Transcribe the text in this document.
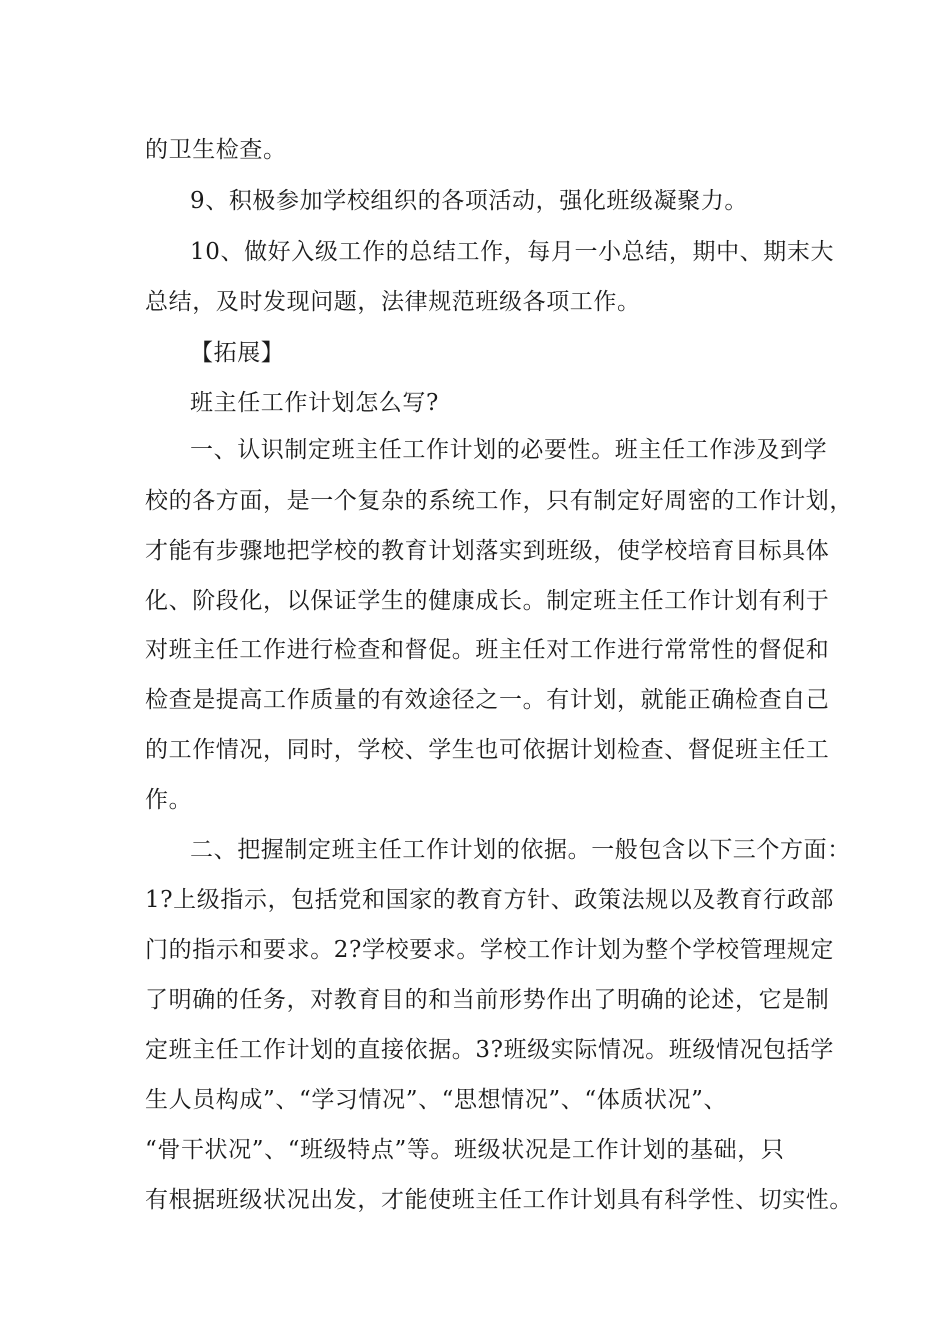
的卫生检查。
9、积极参加学校组织的各项活动，强化班级凝聚力。
10、做好入级工作的总结工作，每月一小总结，期中、期末大
总结，及时发现问题，法律规范班级各项工作。
【拓展】
班主任工作计划怎么写?
一、认识制定班主任工作计划的必要性。班主任工作涉及到学
校的各方面，是一个复杂的系统工作，只有制定好周密的工作计划，
才能有步骤地把学校的教育计划落实到班级，使学校培育目标具体
化、阶段化，以保证学生的健康成长。制定班主任工作计划有利于
对班主任工作进行检查和督促。班主任对工作进行常常性的督促和
检查是提高工作质量的有效途径之一。有计划，就能正确检查自己
的工作情况，同时，学校、学生也可依据计划检查、督促班主任工
作。
二、把握制定班主任工作计划的依据。一般包含以下三个方面：
1?上级指示，包括党和国家的教育方针、政策法规以及教育行政部
门的指示和要求。2?学校要求。学校工作计划为整个学校管理规定
了明确的任务，对教育目的和当前形势作出了明确的论述，它是制
定班主任工作计划的直接依据。3?班级实际情况。班级情况包括学
生人员构成”、“学习情况”、“思想情况”、“体质状况”、
“骨干状况”、“班级特点”等。班级状况是工作计划的基础，只
有根据班级状况出发，才能使班主任工作计划具有科学性、切实性。
